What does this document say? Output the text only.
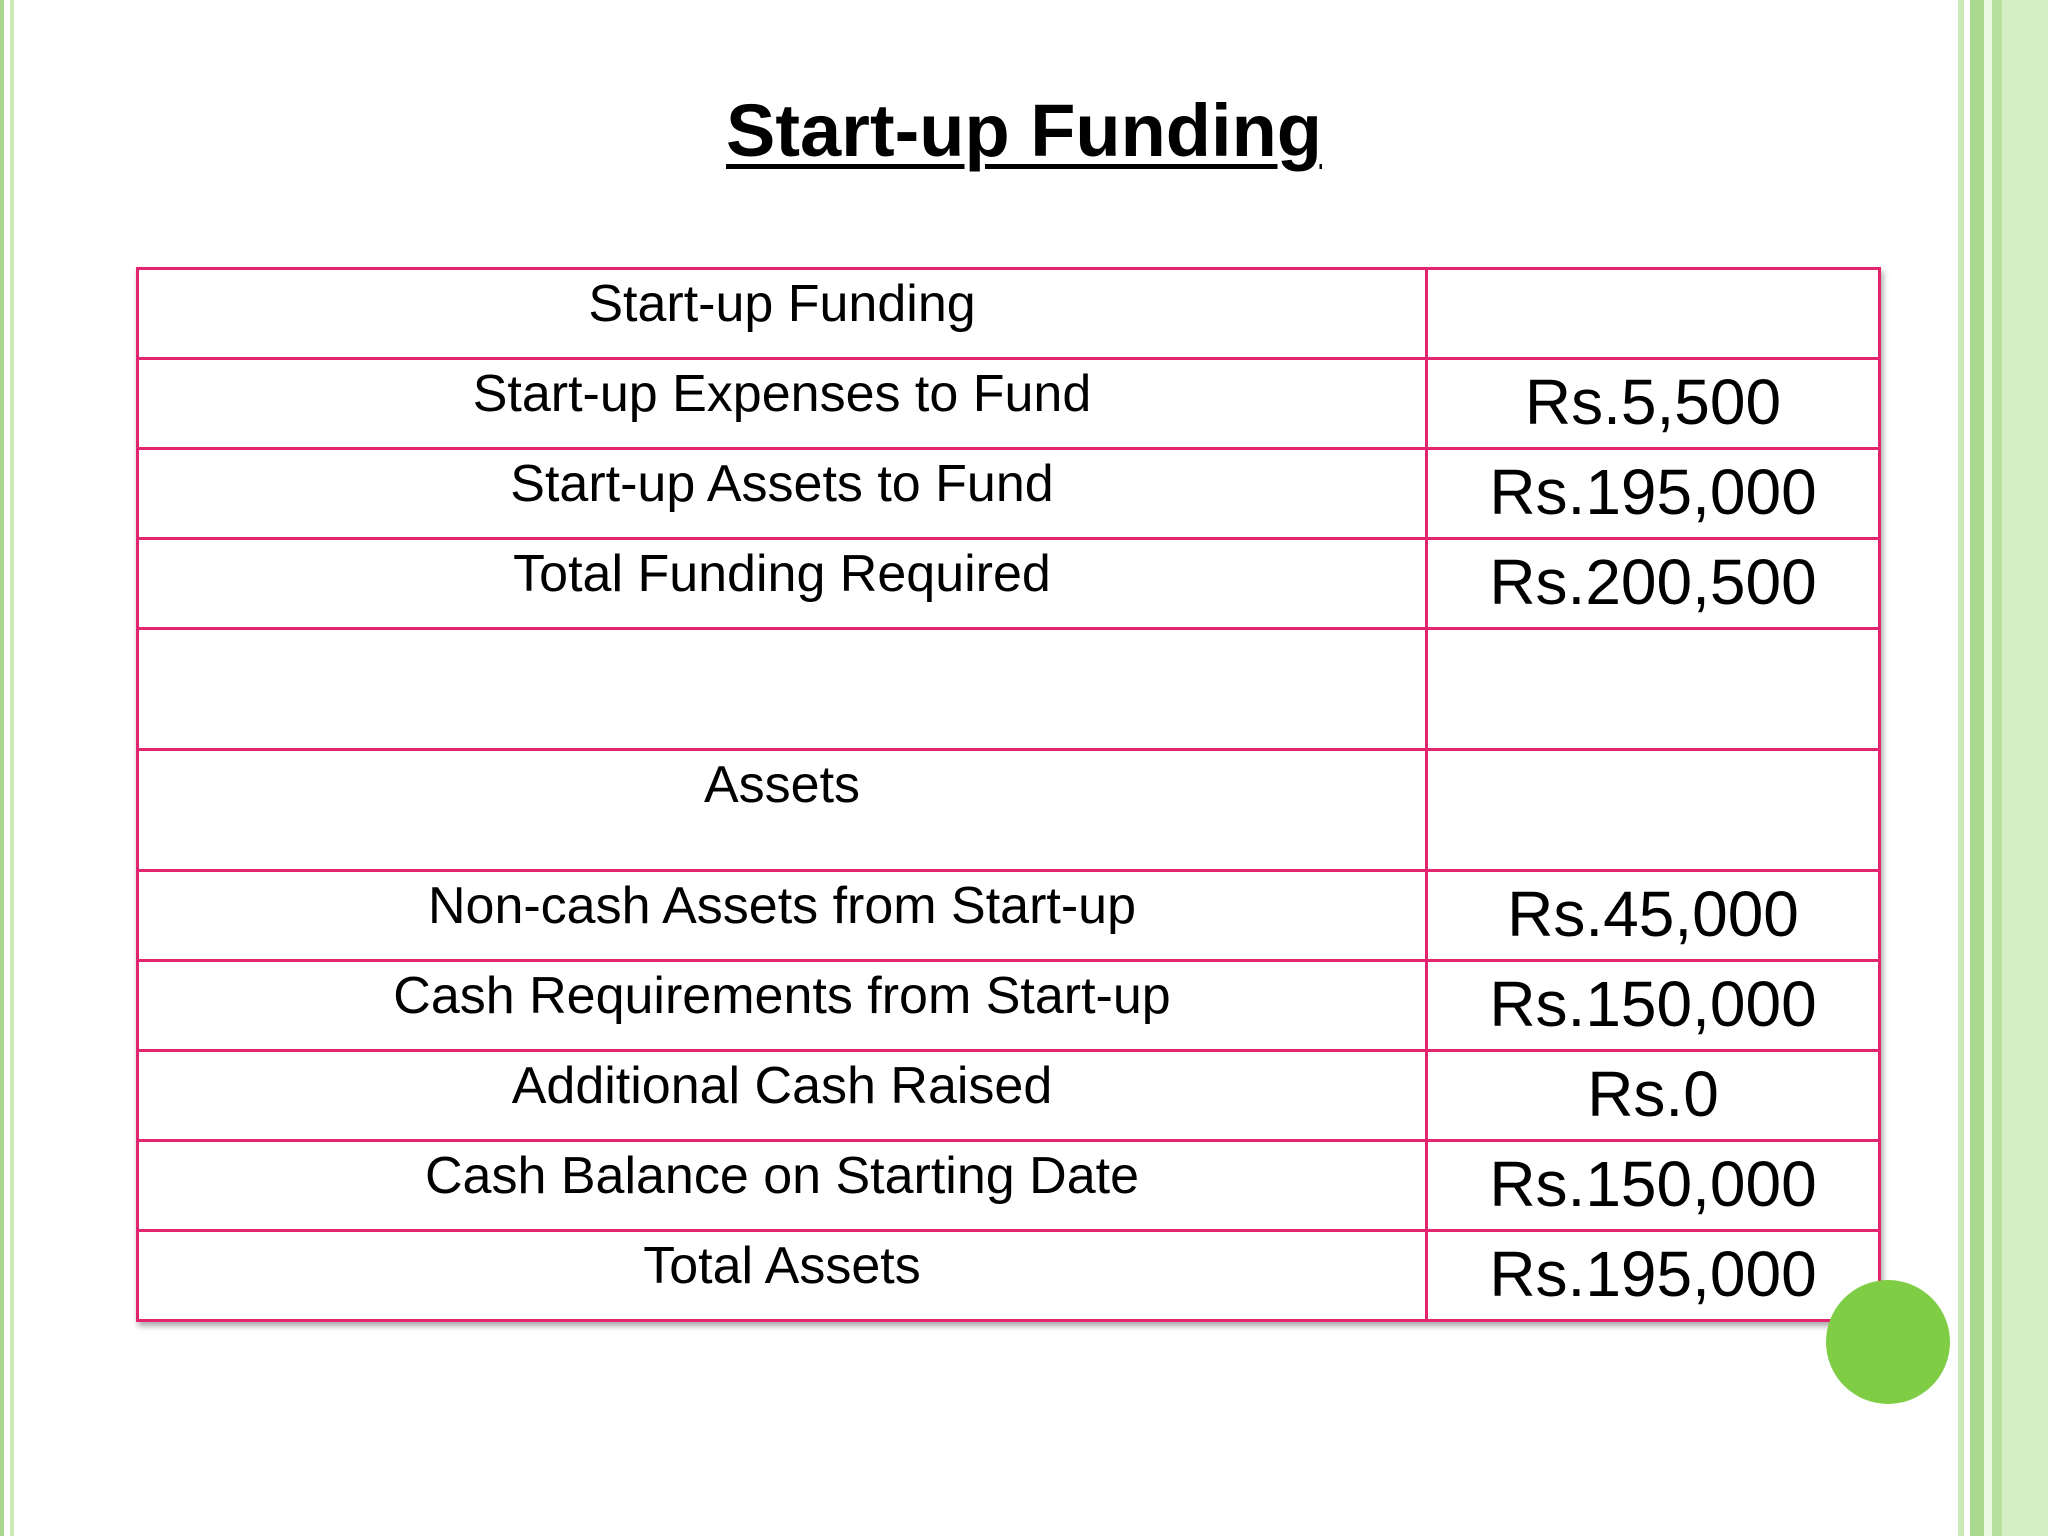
Start-up Funding
Start-up Funding	
Start-up Expenses to Fund	Rs.5,500
Start-up Assets to Fund	Rs.195,000
Total Funding Required	Rs.200,500

Assets	
Non-cash Assets from Start-up	Rs.45,000
Cash Requirements from Start-up	Rs.150,000
Additional Cash Raised	Rs.0
Cash Balance on Starting Date	Rs.150,000
Total Assets	Rs.195,000
